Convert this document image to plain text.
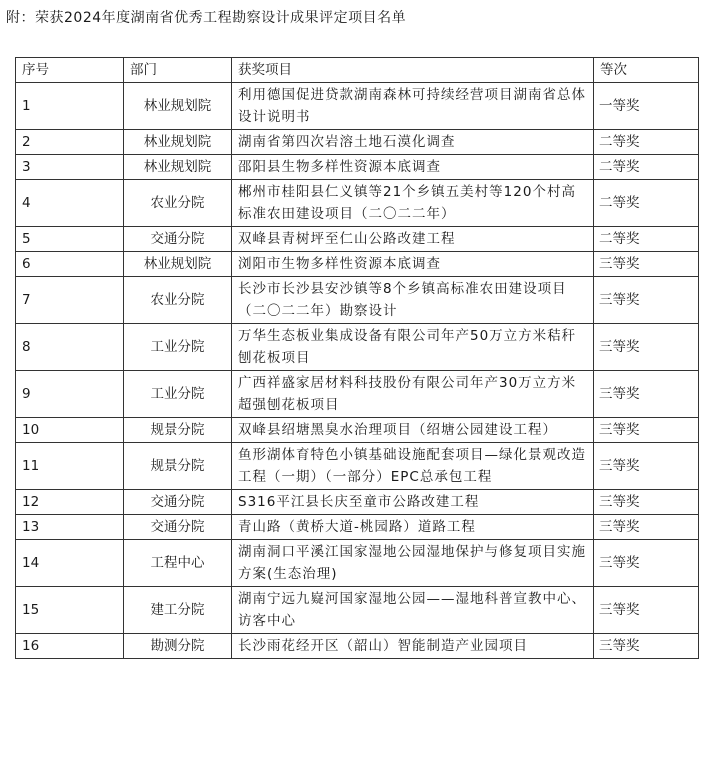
附：荣获2024年度湖南省优秀工程勘察设计成果评定项目名单
序号	部门	获奖项目	等次
1	林业规划院	利用德国促进贷款湖南森林可持续经营项目湖南省总体设计说明书	一等奖
2	林业规划院	湖南省第四次岩溶土地石漠化调查	二等奖
3	林业规划院	邵阳县生物多样性资源本底调查	二等奖
4	农业分院	郴州市桂阳县仁义镇等21个乡镇五美村等120个村高标准农田建设项目（二〇二二年）	二等奖
5	交通分院	双峰县青树坪至仁山公路改建工程	二等奖
6	林业规划院	浏阳市生物多样性资源本底调查	三等奖
7	农业分院	长沙市长沙县安沙镇等8个乡镇高标准农田建设项目（二〇二二年）勘察设计	三等奖
8	工业分院	万华生态板业集成设备有限公司年产50万立方米秸秆刨花板项目	三等奖
9	工业分院	广西祥盛家居材料科技股份有限公司年产30万立方米超强刨花板项目	三等奖
10	规景分院	双峰县绍塘黑臭水治理项目（绍塘公园建设工程）	三等奖
11	规景分院	鱼形湖体育特色小镇基础设施配套项目—绿化景观改造工程（一期）（一部分）EPC总承包工程	三等奖
12	交通分院	S316平江县长庆至童市公路改建工程	三等奖
13	交通分院	青山路（黄桥大道-桃园路）道路工程	三等奖
14	工程中心	湖南洞口平溪江国家湿地公园湿地保护与修复项目实施方案(生态治理)	三等奖
15	建工分院	湖南宁远九嶷河国家湿地公园——湿地科普宣教中心、访客中心	三等奖
16	勘测分院	长沙雨花经开区（韶山）智能制造产业园项目	三等奖
